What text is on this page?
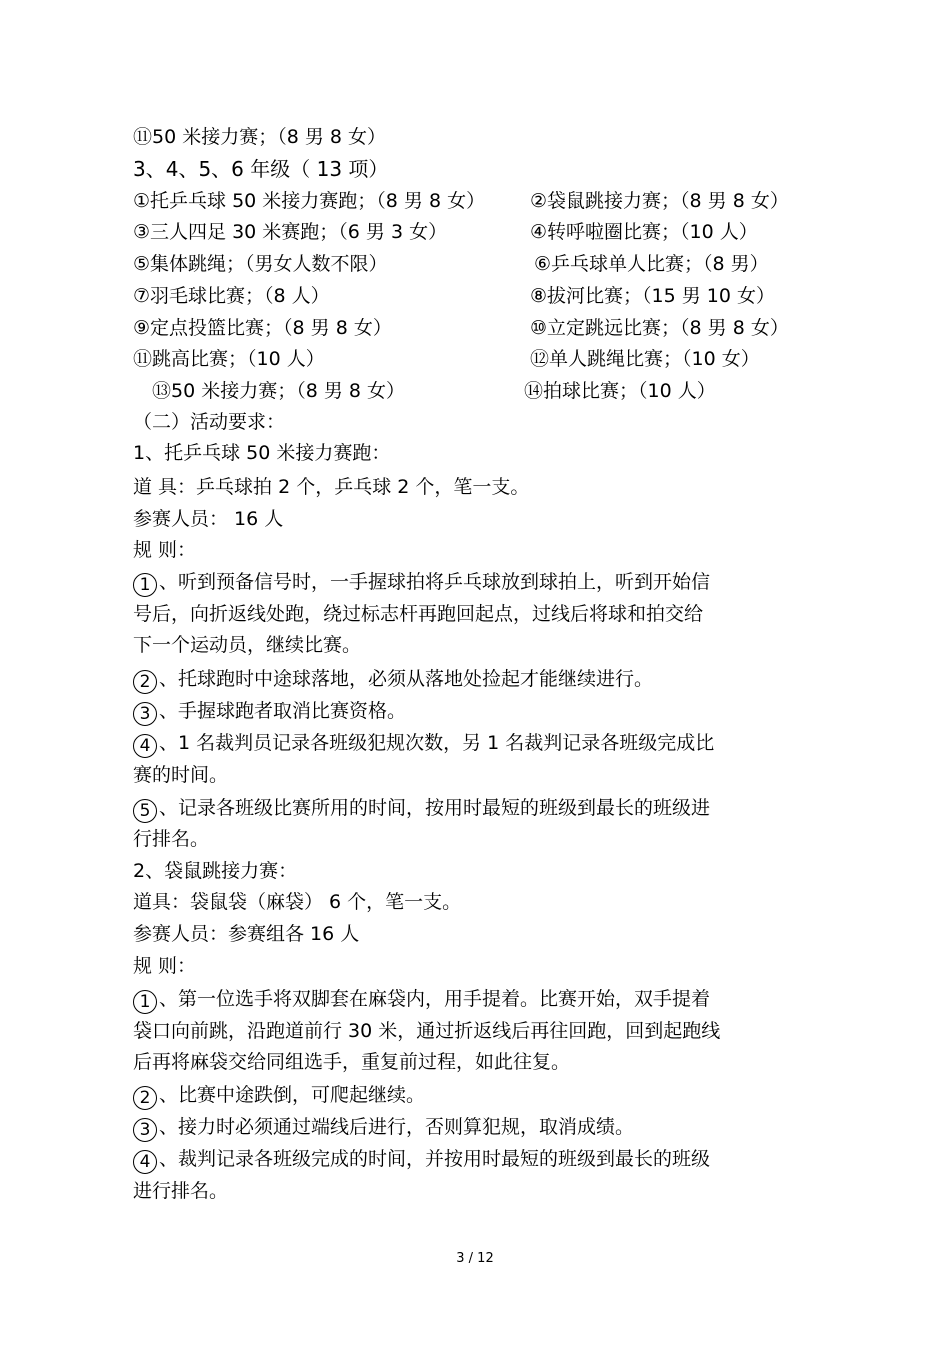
⑪50 米接力赛；（8 男 8 女）
3、4、5、6 年级（ 13 项）
①托乒乓球 50 米接力赛跑；（8 男 8 女） ②袋鼠跳接力赛；（8 男 8 女）
③三人四足 30 米赛跑；（6 男 3 女）	④转呼啦圈比赛；（10 人）
⑤集体跳绳；（男女人数不限）	⑥乒乓球单人比赛；（8 男）
⑦羽毛球比赛；（8 人）	⑧拔河比赛；（15 男 10 女）
⑨定点投篮比赛；（8 男 8 女）	⑩立定跳远比赛；（8 男 8 女）
⑪跳高比赛；（10 人）	⑫单人跳绳比赛；（10 女）
⑬50 米接力赛；（8 男 8 女）	⑭拍球比赛；（10 人）
（二）活动要求：
1、托乒乓球 50 米接力赛跑：
道 具：乒乓球拍 2 个，乒乓球 2 个，笔一支。
参赛人员： 16 人
规 则：
1 、听到预备信号时，一手握球拍将乒乓球放到球拍上，听到开始信
号后，向折返线处跑，绕过标志杆再跑回起点，过线后将球和拍交给
下一个运动员，继续比赛。
2 、托球跑时中途球落地，必须从落地处捡起才能继续进行。
3 、手握球跑者取消比赛资格。
4 、1 名裁判员记录各班级犯规次数，另 1 名裁判记录各班级完成比
赛的时间。
5 、记录各班级比赛所用的时间，按用时最短的班级到最长的班级进
行排名。
2、袋鼠跳接力赛：
道具：袋鼠袋（麻袋） 6 个，笔一支。
参赛人员：参赛组各 16 人
规 则：
1 、第一位选手将双脚套在麻袋内，用手提着。比赛开始，双手提着
袋口向前跳，沿跑道前行 30 米，通过折返线后再往回跑，回到起跑线
后再将麻袋交给同组选手，重复前过程，如此往复。
2 、比赛中途跌倒，可爬起继续。
3 、接力时必须通过端线后进行，否则算犯规，取消成绩。
4 、裁判记录各班级完成的时间，并按用时最短的班级到最长的班级
进行排名。
3 / 12
